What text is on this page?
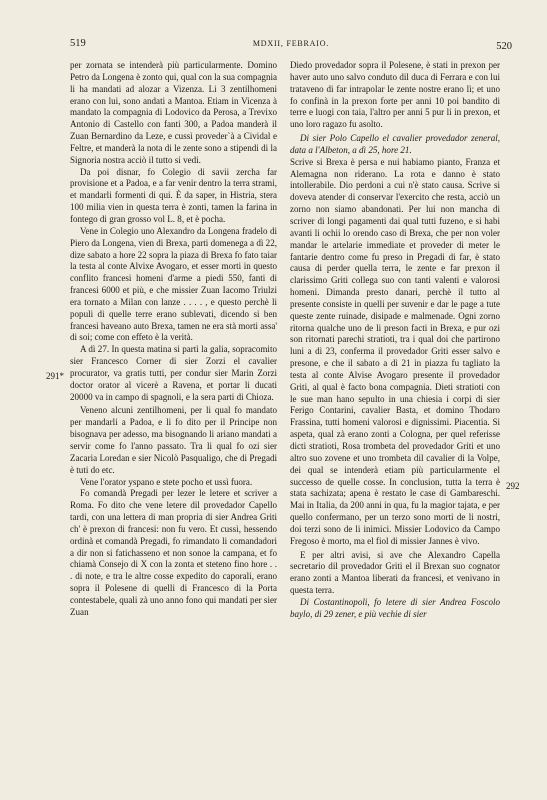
519	MDXII, FEBRAIO.	520
291*
292

per zornata se intenderà più particularmente. Domino Petro da Longena è zonto qui, qual con la sua compagnia li ha mandati ad alozar a Vizenza. Li 3 zentilhomeni erano con lui, sono andati a Mantoa. Etiam in Vicenza à mandato la compagnia di Lodovico da Perosa, a Trevixo Antonio di Castello con fanti 300, a Padoa manderà il Zuan Bernardino da Leze, e cussì proveder`à a Cividal e Feltre, et manderà la nota di le zente sono a stipendi di la Signoria nostra acciò il tutto si vedi.

Da poi disnar, fo Colegio di savii zercha far provisione et a Padoa, e a far venir dentro la terra strami, et mandarli formenti di qui. È da saper, in Histria, stera 100 milia vien in questa terra è zonti, tamen la farina in fontego di gran grosso vol L. 8, et è pocha.

Vene in Colegio uno Alexandro da Longena fradelo di Piero da Longena, vien di Brexa, parti domenega a dì 22, dize sabato a hore 22 sopra la piaza di Brexa fo fato taiar la testa al conte Alvixe Avogaro, et esser morti in questo conflito francesi homeni d'arme a piedi 550, fanti di francesi 6000 et più, e che missier Zuan Iacomo Triulzi era tornato a Milan con lanze . . . . , e questo perchè li populi di quelle terre erano sublevati, dicendo si ben francesi haveano auto Brexa, tamen ne era stà morti assa' di soi; come con effeto è la verità.

A dì 27. In questa matina si partì la galia, sopracomito sier Francesco Corner di sier Zorzi el cavalier procurator, va gratis tutti, per condur sier Marin Zorzi doctor orator al vicerè a Ravena, et portar li ducati 20000 va in campo di spagnoli, e la sera parti di Chioza.

Veneno alcuni zentilhomeni, per li qual fo mandato per mandarli a Padoa, e li fo dito per il Principe non bisognava per adesso, ma bisognando li ariano mandati a servir come fo l'anno passato. Tra li qual fo ozi sier Zacaria Loredan e sier Nicolò Pasqualigo, che di Pregadi è tuti do etc.

Vene l'orator yspano e stete pocho et ussì fuora.

Fo comandà Pregadi per lezer le letere et scriver a Roma. Fo dito che vene letere dil provedador Capello tardi, con una lettera di man propria di sier Andrea Griti ch' è prexon di francesi: non fu vero. Et cussì, hessendo ordinà et comandà Pregadi, fo rimandato li comandadori a dir non si fatichasseno et non sonoe la campana, et fo chiamà Consejo di X con la zonta et steteno fino hore . . . di note, e tra le altre cosse expedito do caporali, erano sopra il Polesene di quelli di Francesco di la Porta contestabele, quali zà uno anno fono qui mandati per sier Zuan

Diedo provedador sopra il Polesene, è stati in prexon per haver auto uno salvo conduto dil duca di Ferrara e con lui trataveno di far intrapolar le zente nostre erano lì; et uno fo confinà in la prexon forte per anni 10 poi bandito di terre e luogi con taia, l'altro per anni 5 pur li in prexon, et uno loro ragazo fu asolto.

Di sier Polo Capello el cavalier provedador zeneral, data a l'Albeton, a dì 25, hore 21.

Scrive si Brexa è persa e nui habiamo pianto, Franza et Alemagna non riderano. La rota e danno è stato intollerabile. Dio perdoni a cui n'è stato causa. Scrive si doveva atender di conservar l'exercito che resta, acciò un zorno non siamo abandonati. Per lui non mancha di scriver di longi pagamenti dai qual tutti fuzeno, e si habi avanti li ochii lo orendo caso di Brexa, che per non voler mandar le artelarie immediate et proveder di meter le fantarie dentro come fu preso in Pregadi di far, è stato causa di perder quella terra, le zente e far prexon il clarissimo Griti collega suo con tanti valenti e valorosi homeni. Dimanda presto danari, perchè il tutto al presente consiste in quelli per suvenir e dar le page a tute queste zente ruinade, disipade e malmenade. Ogni zorno ritorna qualche uno de li preson facti in Brexa, e pur ozi son ritornati parechi stratioti, tra i qual doi che partirono luni a dì 23, conferma il provedador Griti esser salvo e presone, e che il sabato a dì 21 in piazza fu tagliato la testa al conte Alvise Avogaro presente il provedador Griti, al qual è facto bona compagnia. Dieti stratioti con le sue man hano sepulto in una chiesia i corpi di sier Ferigo Contarini, cavalier Basta, et domino Thodaro Frassina, tutti homeni valorosi e dignissimi. Piacentia. Si aspeta, qual zà erano zonti a Cologna, per quel referisse dicti stratioti, Rosa trombeta del provedador Griti et uno altro suo zovene et uno trombeta dil cavalier di la Volpe, dei qual se intenderà etiam più particularmente el successo de quelle cosse. In conclusion, tutta la terra è stata sachizata; apena è restato le case di Gambareschi. Mai in Italia, da 200 anni in qua, fu la magior tajata, e per quello confermano, per un terzo sono morti de li nostri, doi terzi sono de li inimici. Missier Lodovico da Campo Fregoso è morto, ma el fiol di missier Jannes è vivo.

E per altri avisi, si ave che Alexandro Capella secretario dil provedador Griti el il Brexan suo cognator erano zonti a Mantoa liberati da francesi, et venivano in questa terra.

Di Costantinopoli, fo letere di sier Andrea Foscolo baylo, di 29 zener, e più vechie di sier
